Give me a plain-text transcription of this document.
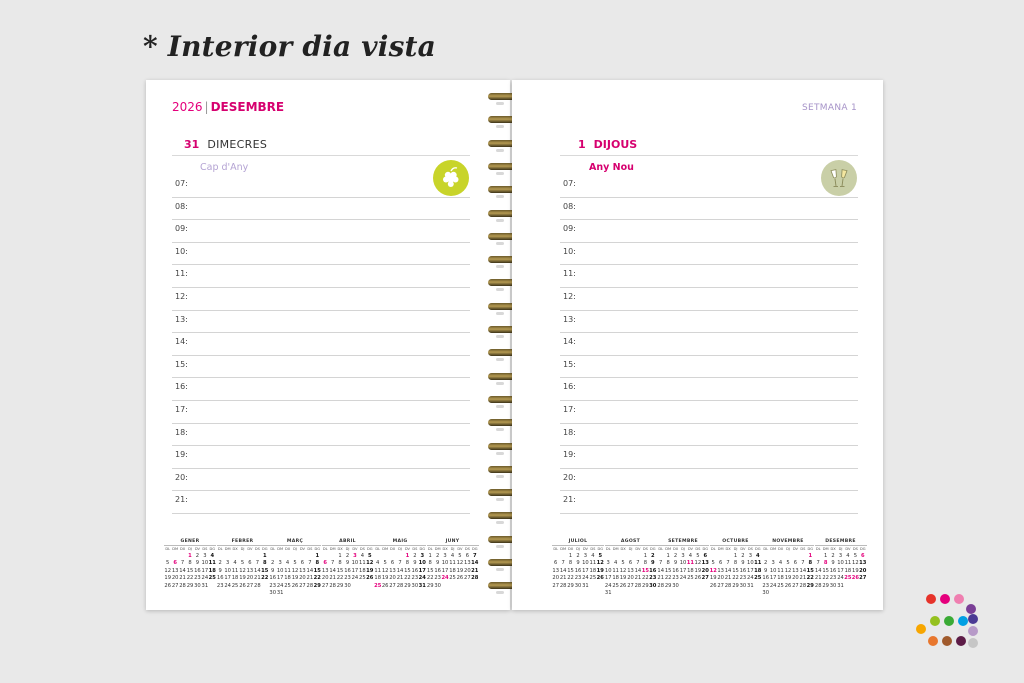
* Interior dia vista
2026 | DESEMBRE
31 DIMECRES
Cap d'Any
07:
08:
09:
10:
11:
12:
13:
14:
15:
16:
17:
18:
19:
20:
21:
GENER
DL DM DX DJ DV DS DG
1 2 3 4
5 6 7 8 9 10 11
12 13 14 15 16 17 18
19 20 21 22 23 24 25
26 27 28 29 30 31
FEBRER
DL DM DX DJ DV DS DG
1
2 3 4 5 6 7 8
9 10 11 12 13 14 15
16 17 18 19 20 21 22
23 24 25 26 27 28
MARÇ
DL DM DX DJ DV DS DG
1
2 3 4 5 6 7 8
9 10 11 12 13 14 15
16 17 18 19 20 21 22
23 24 25 26 27 28 29
30 31
ABRIL
DL DM DX DJ DV DS DG
1 2 3 4 5
6 7 8 9 10 11 12
13 14 15 16 17 18 19
20 21 22 23 24 25 26
27 28 29 30
MAIG
DL DM DX DJ DV DS DG
1 2 3
4 5 6 7 8 9 10
11 12 13 14 15 16 17
18 19 20 21 22 23 24
25 26 27 28 29 30 31
JUNY
DL DM DX DJ DV DS DG
1 2 3 4 5 6 7
8 9 10 11 12 13 14
15 16 17 18 19 20 21
22 23 24 25 26 27 28
29 30
SETMANA 1
1 DIJOUS
Any Nou
07:
08:
09:
10:
11:
12:
13:
14:
15:
16:
17:
18:
19:
20:
21:
JULIOL
DL DM DX DJ DV DS DG
1 2 3 4 5
6 7 8 9 10 11 12
13 14 15 16 17 18 19
20 21 22 23 24 25 26
27 28 29 30 31
AGOST
DL DM DX DJ DV DS DG
1 2
3 4 5 6 7 8 9
10 11 12 13 14 15 16
17 18 19 20 21 22 23
24 25 26 27 28 29 30
31
SETEMBRE
DL DM DX DJ DV DS DG
1 2 3 4 5 6
7 8 9 10 11 12 13
14 15 16 17 18 19 20
21 22 23 24 25 26 27
28 29 30
OCTUBRE
DL DM DX DJ DV DS DG
1 2 3 4
5 6 7 8 9 10 11
12 13 14 15 16 17 18
19 20 21 22 23 24 25
26 27 28 29 30 31
NOVEMBRE
DL DM DX DJ DV DS DG
1
2 3 4 5 6 7 8
9 10 11 12 13 14 15
16 17 18 19 20 21 22
23 24 25 26 27 28 29
30
DESEMBRE
DL DM DX DJ DV DS DG
1 2 3 4 5 6
7 8 9 10 11 12 13
14 15 16 17 18 19 20
21 22 23 24 25 26 27
28 29 30 31
